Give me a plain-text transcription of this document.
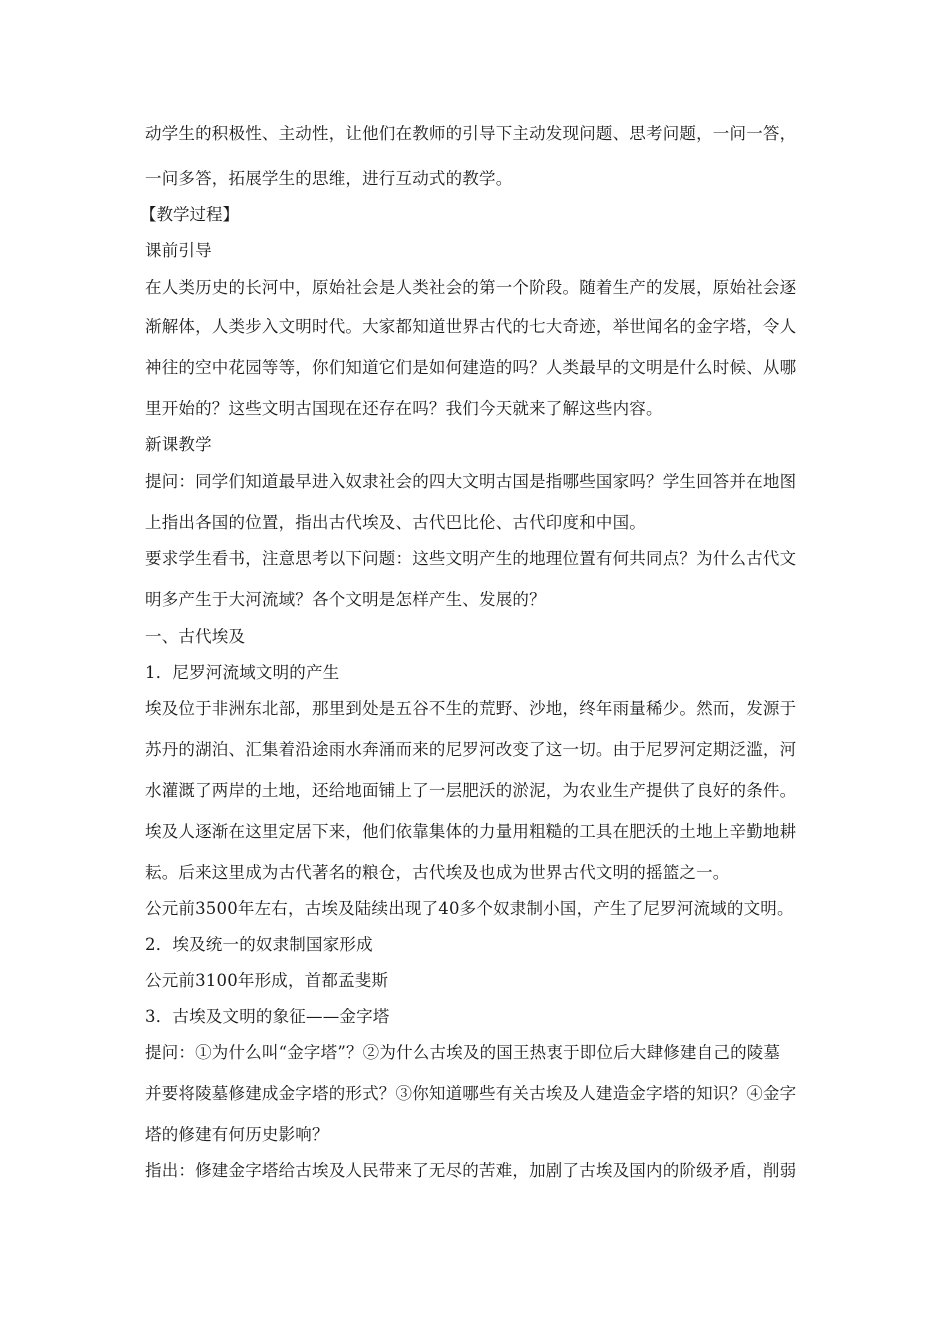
动学生的积极性、主动性，让他们在教师的引导下主动发现问题、思考问题，一问一答，
一问多答，拓展学生的思维，进行互动式的教学。
【教学过程】
课前引导
在人类历史的长河中，原始社会是人类社会的第一个阶段。随着生产的发展，原始社会逐
渐解体，人类步入文明时代。大家都知道世界古代的七大奇迹，举世闻名的金字塔，令人
神往的空中花园等等，你们知道它们是如何建造的吗？人类最早的文明是什么时候、从哪
里开始的？这些文明古国现在还存在吗？我们今天就来了解这些内容。
新课教学
提问：同学们知道最早进入奴隶社会的四大文明古国是指哪些国家吗？学生回答并在地图
上指出各国的位置，指出古代埃及、古代巴比伦、古代印度和中国。
要求学生看书，注意思考以下问题：这些文明产生的地理位置有何共同点？为什么古代文
明多产生于大河流域？各个文明是怎样产生、发展的？
一、古代埃及
1．尼罗河流域文明的产生
埃及位于非洲东北部，那里到处是五谷不生的荒野、沙地，终年雨量稀少。然而，发源于
苏丹的湖泊、汇集着沿途雨水奔涌而来的尼罗河改变了这一切。由于尼罗河定期泛滥，河
水灌溉了两岸的土地，还给地面铺上了一层肥沃的淤泥，为农业生产提供了良好的条件。
埃及人逐渐在这里定居下来，他们依靠集体的力量用粗糙的工具在肥沃的土地上辛勤地耕
耘。后来这里成为古代著名的粮仓，古代埃及也成为世界古代文明的摇篮之一。
公元前3500年左右，古埃及陆续出现了40多个奴隶制小国，产生了尼罗河流域的文明。
2．埃及统一的奴隶制国家形成
公元前3100年形成，首都孟斐斯
3．古埃及文明的象征——金字塔
提问：①为什么叫“金字塔”？②为什么古埃及的国王热衷于即位后大肆修建自己的陵墓
并要将陵墓修建成金字塔的形式？③你知道哪些有关古埃及人建造金字塔的知识？④金字
塔的修建有何历史影响？
指出：修建金字塔给古埃及人民带来了无尽的苦难，加剧了古埃及国内的阶级矛盾，削弱
